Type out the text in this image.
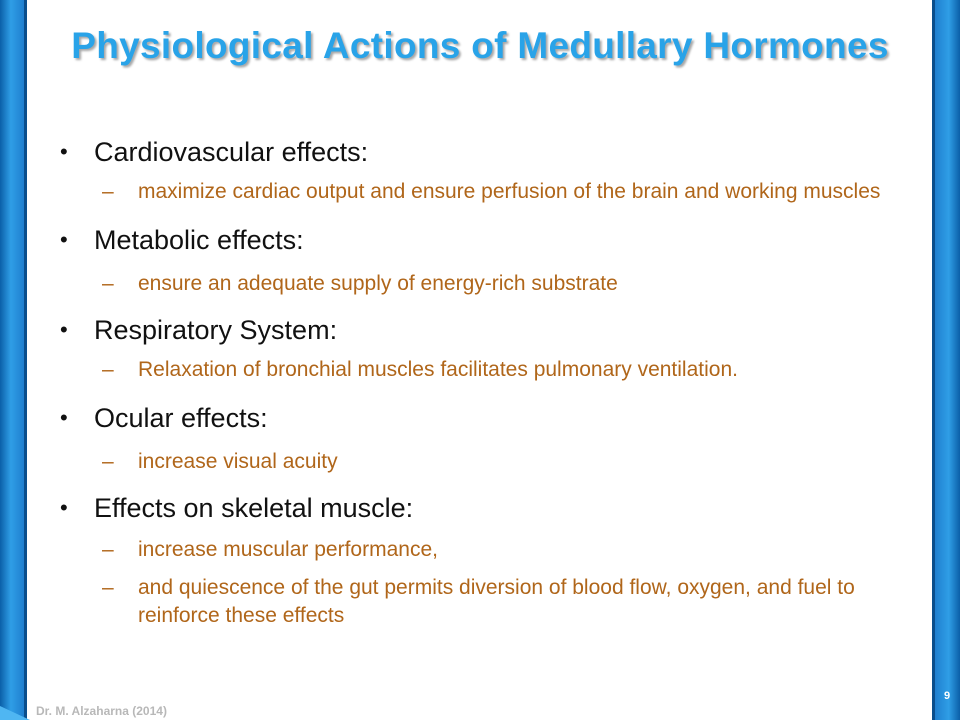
Physiological Actions of Medullary Hormones
• Cardiovascular effects:
– maximize cardiac output and ensure perfusion of the brain and working muscles
• Metabolic effects:
– ensure an adequate supply of energy-rich substrate
• Respiratory System:
– Relaxation of bronchial muscles facilitates pulmonary ventilation.
• Ocular effects:
– increase visual acuity
• Effects on skeletal muscle:
– increase muscular performance,
– and quiescence of the gut permits diversion of blood flow, oxygen, and fuel to reinforce these effects
Dr. M. Alzaharna (2014)
9
